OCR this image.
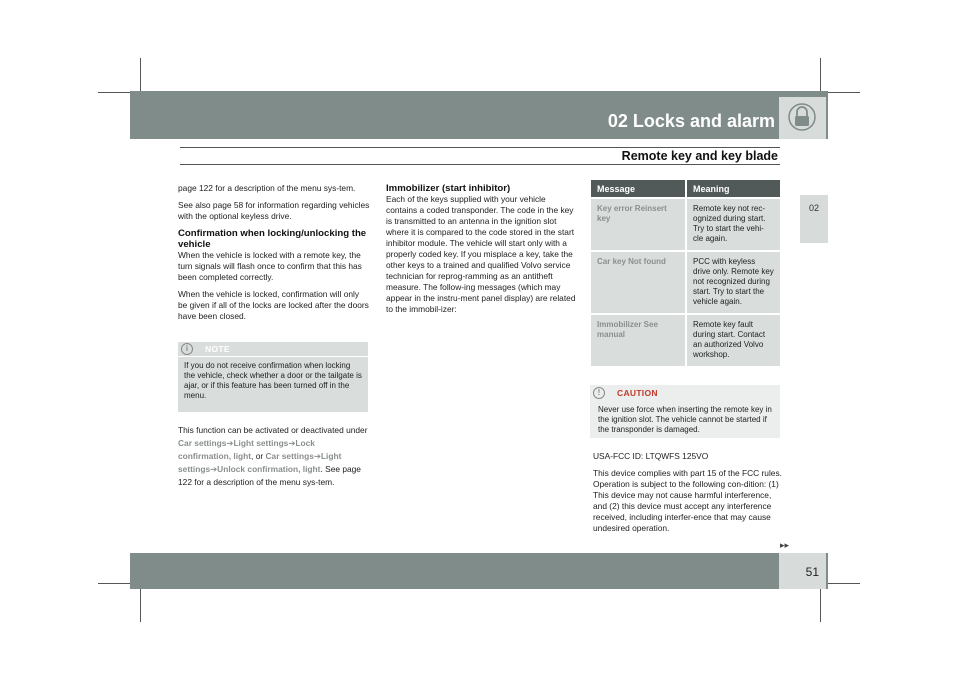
02 Locks and alarm
Remote key and key blade
02

page 122 for a description of the menu sys-tem.

See also page 58 for information regarding vehicles with the optional keyless drive.

Confirmation when locking/unlocking the vehicle

When the vehicle is locked with a remote key, the turn signals will flash once to confirm that this has been completed correctly.

When the vehicle is locked, confirmation will only be given if all of the locks are locked after the doors have been closed.

i	NOTE
If you do not receive confirmation when locking the vehicle, check whether a door or the tailgate is ajar, or if this feature has been turned off in the menu.
This function can be activated or deactivated under Car settings➔Light settings➔Lock confirmation, light, or Car settings➔Light settings➔Unlock confirmation, light. See page 122 for a description of the menu sys-tem.
Immobilizer (start inhibitor)

Each of the keys supplied with your vehicle contains a coded transponder. The code in the key is transmitted to an antenna in the ignition slot where it is compared to the code stored in the start inhibitor module. The vehicle will start only with a properly coded key. If you misplace a key, take the other keys to a trained and qualified Volvo service technician for reprog-ramming as an antitheft measure. The follow-ing messages (which may appear in the instru-ment panel display) are related to the immobil-izer:

Message	Meaning
Key error Reinsert key	Remote key not rec-ognized during start. Try to start the vehi-cle again.
Car key Not found	PCC with keyless drive only. Remote key not recognized during start. Try to start the vehicle again.
Immobilizer See manual	Remote key fault during start. Contact an authorized Volvo workshop.
!	CAUTION
Never use force when inserting the remote key in the ignition slot. The vehicle cannot be started if the transponder is damaged.

USA-FCC ID: LTQWFS 125VO

This device complies with part 15 of the FCC rules. Operation is subject to the following con-dition: (1) This device may not cause harmful interference, and (2) this device must accept any interference received, including interfer-ence that may cause undesired operation.

▸▸
51
